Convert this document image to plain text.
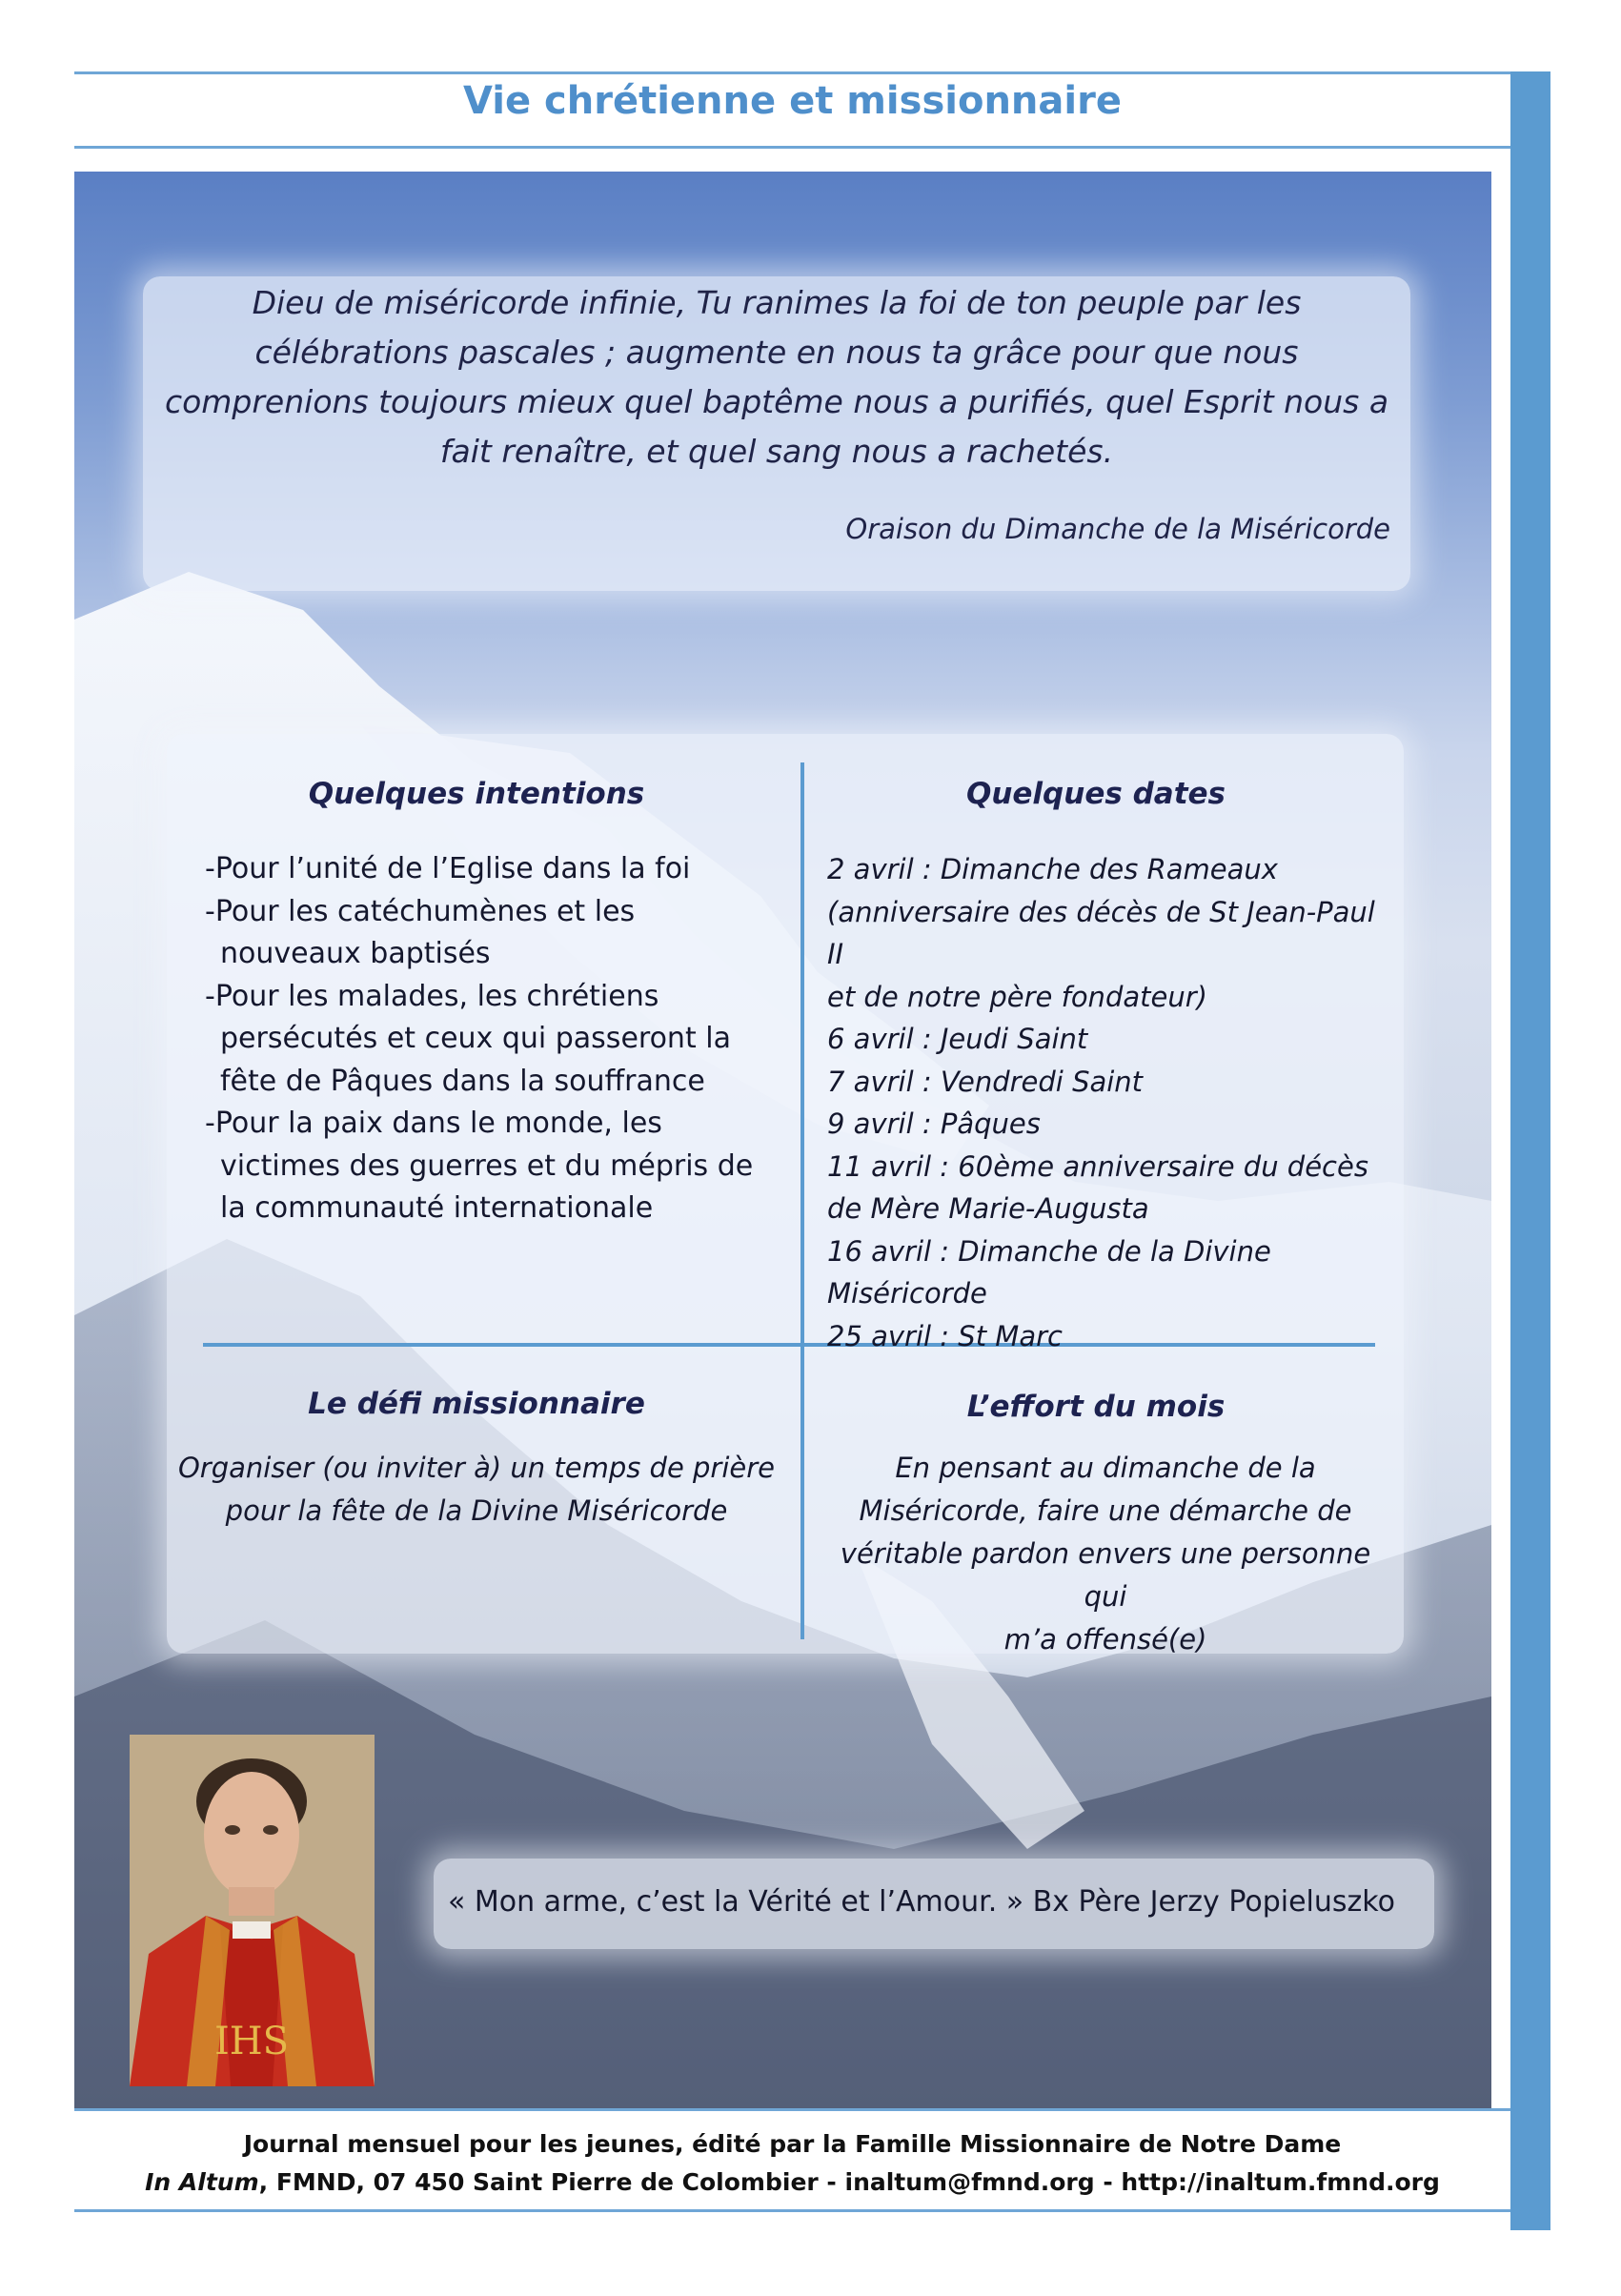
Vie chrétienne et missionnaire
Dieu de miséricorde infinie, Tu ranimes la foi de ton peuple par les
célébrations pascales ; augmente en nous ta grâce pour que nous
comprenions toujours mieux quel baptême nous a purifiés, quel Esprit nous a
fait renaître, et quel sang nous a rachetés.
Oraison du Dimanche de la Miséricorde
Quelques intentions
-Pour l’unité de l’Eglise dans la foi
-Pour les catéchumènes et les
nouveaux baptisés
-Pour les malades, les chrétiens
persécutés et ceux qui passeront la
fête de Pâques dans la souffrance
-Pour la paix dans le monde, les
victimes des guerres et du mépris de
la communauté internationale
Quelques dates
2 avril : Dimanche des Rameaux
(anniversaire des décès de St Jean-Paul II
et de notre père fondateur)
6 avril : Jeudi Saint
7 avril : Vendredi Saint
9 avril : Pâques
11 avril : 60ème anniversaire du décès
de Mère Marie-Augusta
16 avril : Dimanche de la Divine
Miséricorde
25 avril : St Marc
Le défi missionnaire
Organiser (ou inviter à) un temps de prière
pour la fête de la Divine Miséricorde
L’effort du mois
En pensant au dimanche de la
Miséricorde, faire une démarche de
véritable pardon envers une personne qui
m’a offensé(e)
IHS
« Mon arme, c’est la Vérité et l’Amour. » Bx Père Jerzy Popieluszko
Journal mensuel pour les jeunes, édité par la Famille Missionnaire de Notre Dame
In Altum, FMND, 07 450 Saint Pierre de Colombier - inaltum@fmnd.org - http://inaltum.fmnd.org
